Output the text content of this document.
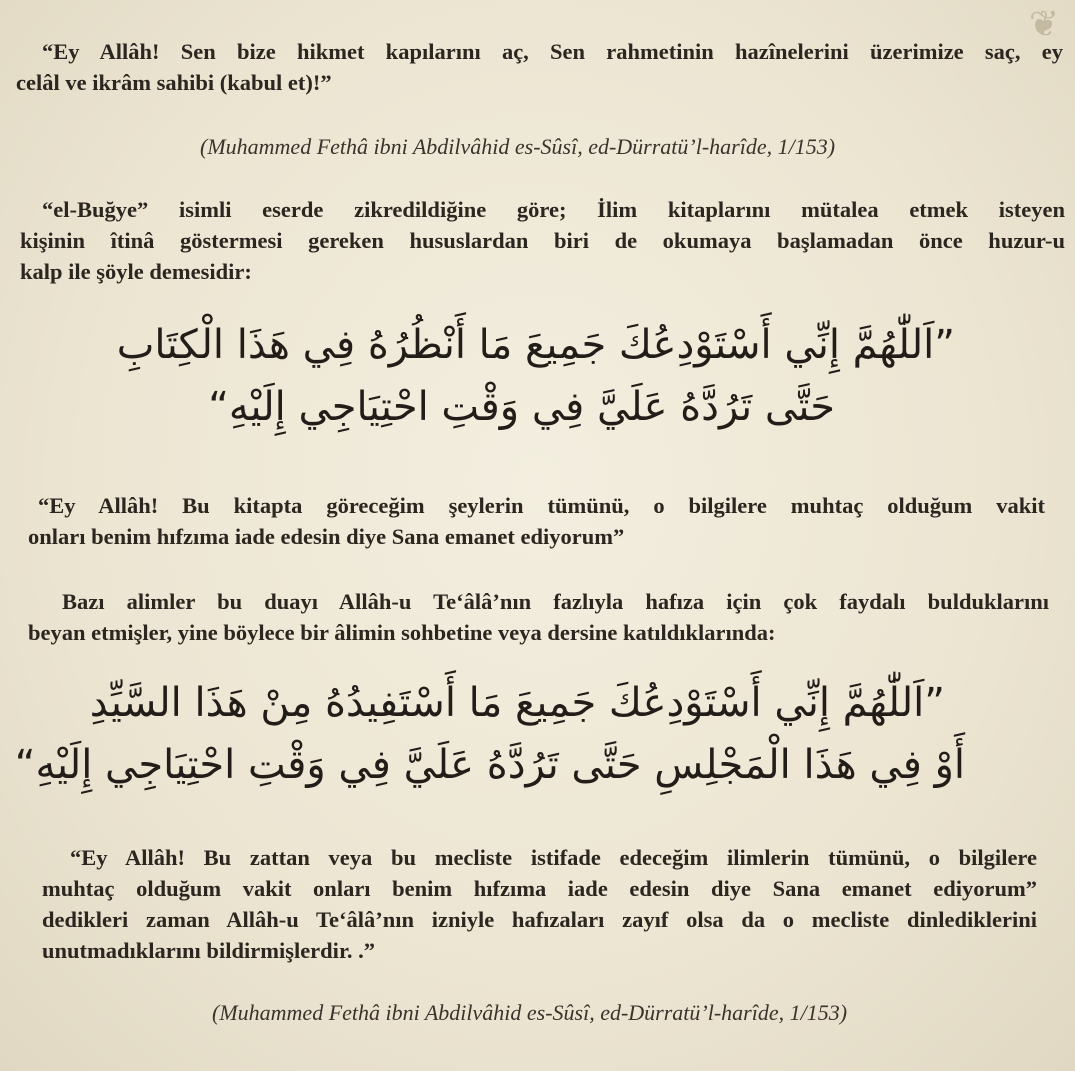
❦

“Ey Allâh! Sen bize hikmet kapılarını aç, Sen rahmetinin hazînelerini üzerimize saç, ey
celâl ve ikrâm sahibi (kabul et)!”

(Muhammed Fethâ ibni Abdilvâhid es-Sûsî, ed-Dürratü’l-harîde, 1/153)

“el-Buğye” isimli eserde zikredildiğine göre; İlim kitaplarını mütalea etmek isteyen
kişinin îtinâ göstermesi gereken hususlardan biri de okumaya başlamadan önce huzur-u
kalp ile şöyle demesidir:

”اَللّٰهُمَّ إِنِّي أَسْتَوْدِعُكَ جَمِيعَ مَا أَنْظُرُهُ فِي هَذَا الْكِتَابِ
حَتَّى تَرُدَّهُ عَلَيَّ فِي وَقْتِ احْتِيَاجِي إِلَيْهِ“

“Ey Allâh! Bu kitapta göreceğim şeylerin tümünü, o bilgilere muhtaç olduğum vakit
onları benim hıfzıma iade edesin diye Sana emanet ediyorum”

Bazı alimler bu duayı Allâh-u Te‘âlâ’nın fazlıyla hafıza için çok faydalı bulduklarını
beyan etmişler, yine böylece bir âlimin sohbetine veya dersine katıldıklarında:

”اَللّٰهُمَّ إِنِّي أَسْتَوْدِعُكَ جَمِيعَ مَا أَسْتَفِيدُهُ مِنْ هَذَا السَّيِّدِ
أَوْ فِي هَذَا الْمَجْلِسِ حَتَّى تَرُدَّهُ عَلَيَّ فِي وَقْتِ احْتِيَاجِي إِلَيْهِ“

“Ey Allâh! Bu zattan veya bu mecliste istifade edeceğim ilimlerin tümünü, o bilgilere
muhtaç olduğum vakit onları benim hıfzıma iade edesin diye Sana emanet ediyorum”
dedikleri zaman Allâh-u Te‘âlâ’nın izniyle hafızaları zayıf olsa da o mecliste dinlediklerini
unutmadıklarını bildirmişlerdir. .”

(Muhammed Fethâ ibni Abdilvâhid es-Sûsî, ed-Dürratü’l-harîde, 1/153)
